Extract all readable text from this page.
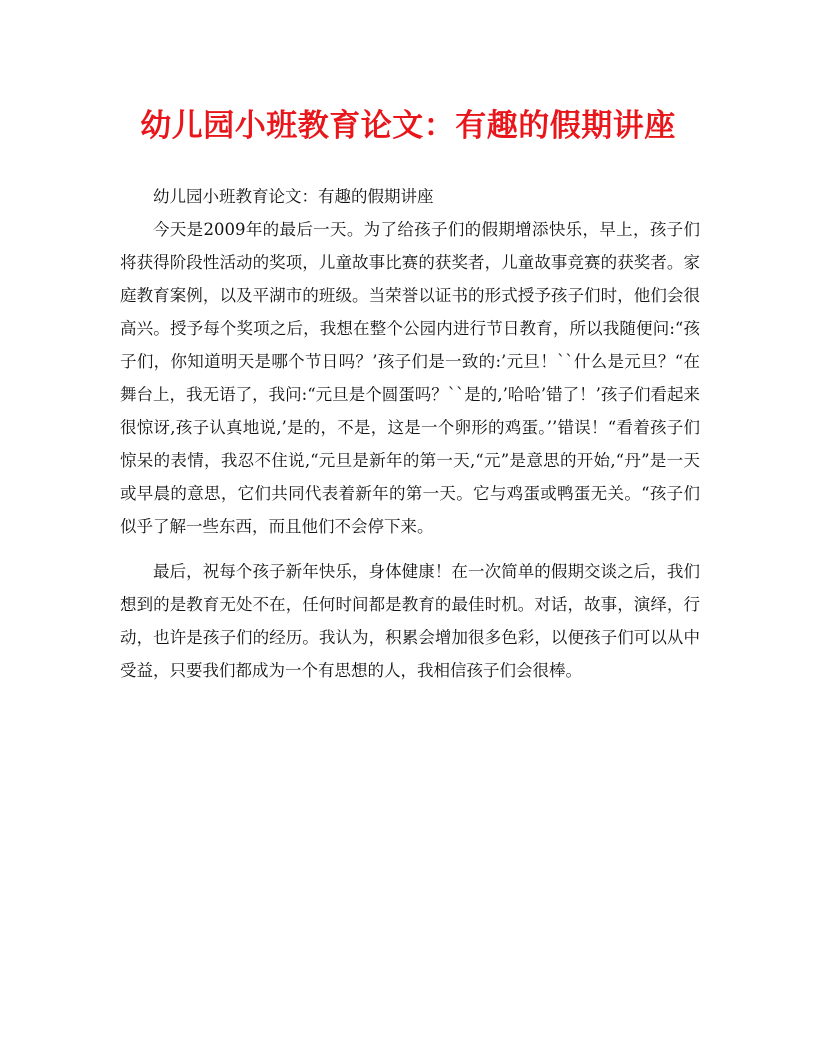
幼儿园小班教育论文：有趣的假期讲座

幼儿园小班教育论文：有趣的假期讲座

今天是2009年的最后一天。为了给孩子们的假期增添快乐，早上，孩子们将获得阶段性活动的奖项，儿童故事比赛的获奖者，儿童故事竞赛的获奖者。家庭教育案例，以及平湖市的班级。当荣誉以证书的形式授予孩子们时，他们会很高兴。授予每个奖项之后，我想在整个公园内进行节日教育，所以我随便问:“孩子们，你知道明天是哪个节日吗？’孩子们是一致的:’元旦！``什么是元旦？“在舞台上，我无语了，我问:“元旦是个圆蛋吗？``是的,’哈哈’错了！’孩子们看起来很惊讶,孩子认真地说,’是的，不是，这是一个卵形的鸡蛋。’’错误！“看着孩子们惊呆的表情，我忍不住说,“元旦是新年的第一天,“元”是意思的开始,“丹”是一天或早晨的意思，它们共同代表着新年的第一天。它与鸡蛋或鸭蛋无关。“孩子们似乎了解一些东西，而且他们不会停下来。

最后，祝每个孩子新年快乐，身体健康！在一次简单的假期交谈之后，我们想到的是教育无处不在，任何时间都是教育的最佳时机。对话，故事，演绎，行动，也许是孩子们的经历。我认为，积累会增加很多色彩，以便孩子们可以从中受益，只要我们都成为一个有思想的人，我相信孩子们会很棒。
